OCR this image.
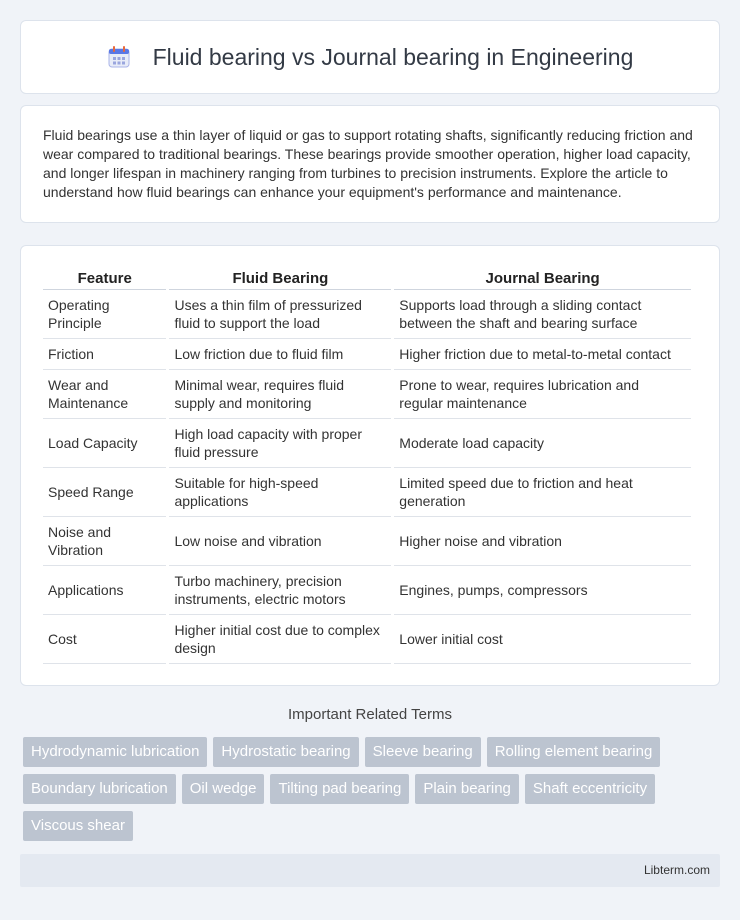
Fluid bearing vs Journal bearing in Engineering

Fluid bearings use a thin layer of liquid or gas to support rotating shafts, significantly reducing friction and wear compared to traditional bearings. These bearings provide smoother operation, higher load capacity, and longer lifespan in machinery ranging from turbines to precision instruments. Explore the article to understand how fluid bearings can enhance your equipment's performance and maintenance.

Feature	Fluid Bearing	Journal Bearing
Operating Principle	Uses a thin film of pressurized fluid to support the load	Supports load through a sliding contact between the shaft and bearing surface
Friction	Low friction due to fluid film	Higher friction due to metal-to-metal contact
Wear and Maintenance	Minimal wear, requires fluid supply and monitoring	Prone to wear, requires lubrication and regular maintenance
Load Capacity	High load capacity with proper fluid pressure	Moderate load capacity
Speed Range	Suitable for high-speed applications	Limited speed due to friction and heat generation
Noise and Vibration	Low noise and vibration	Higher noise and vibration
Applications	Turbo machinery, precision instruments, electric motors	Engines, pumps, compressors
Cost	Higher initial cost due to complex design	Lower initial cost
Important Related Terms
Hydrodynamic lubrication	Hydrostatic bearing	Sleeve bearing	Rolling element bearing
Boundary lubrication	Oil wedge	Tilting pad bearing	Plain bearing	Shaft eccentricity
Viscous shear
Libterm.com
